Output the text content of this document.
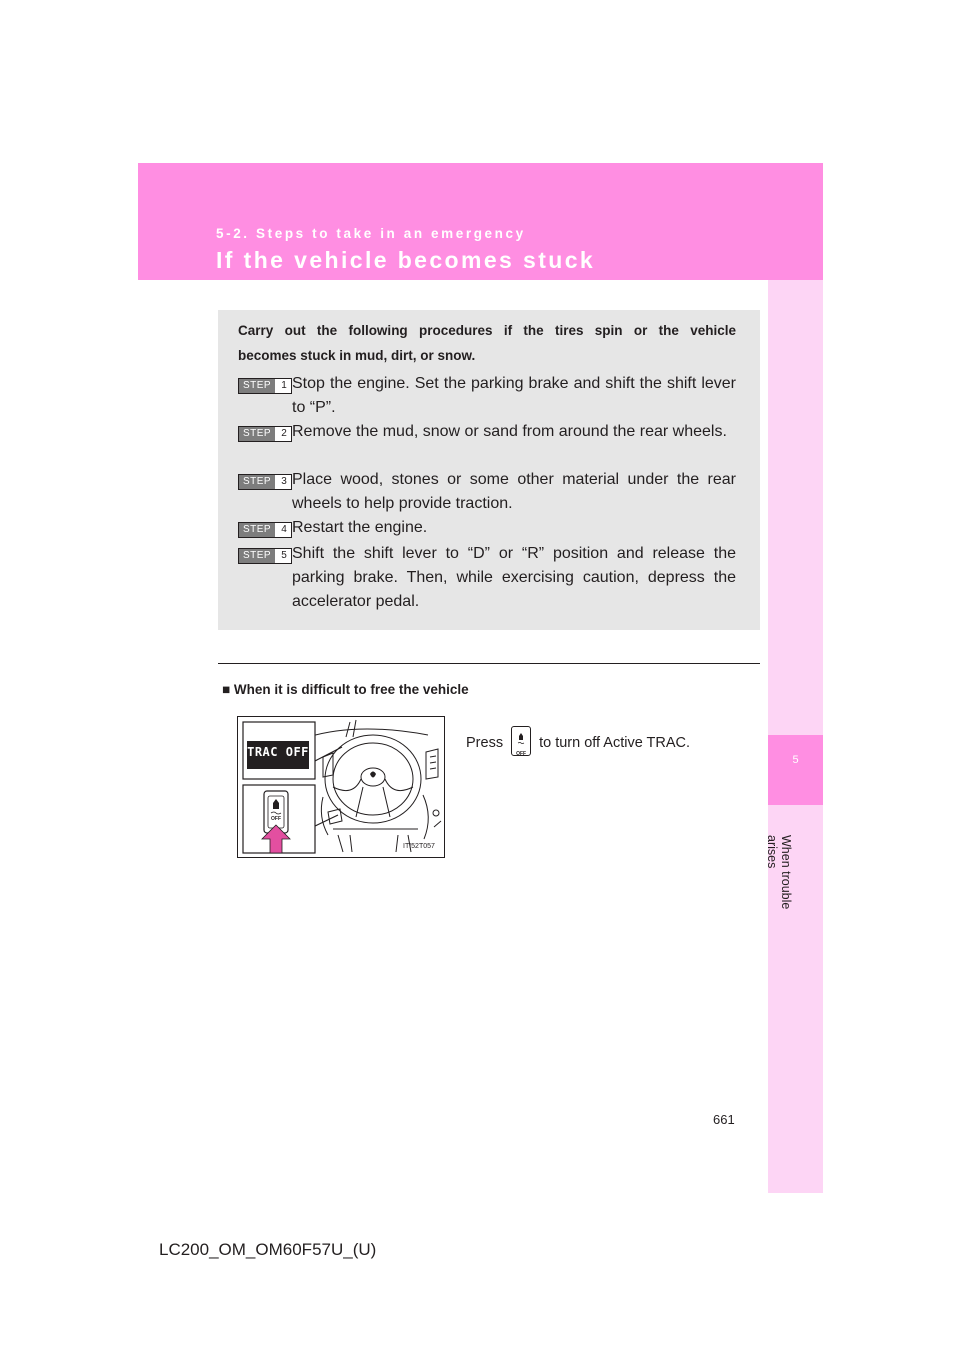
5-2. Steps to take in an emergency
If the vehicle becomes stuck
5
When trouble arises
Carry out the following procedures if the tires spin or the vehicle
becomes stuck in mud, dirt, or snow.
STEP	1 Stop the engine. Set the parking brake and shift the shift lever to “P”.
STEP	2 Remove the mud, snow or sand from around the rear wheels.
STEP	3 Place wood, stones or some other material under the rear wheels to help provide traction.
STEP	4 Restart the engine.
STEP	5 Shift the shift lever to “D” or “R” position and release the parking brake. Then, while exercising caution, depress the accelerator pedal.
■ When it is difficult to free the vehicle
TRAC OFF
OFF
ITI52T057
Press
OFF
to turn off Active TRAC.
661
LC200_OM_OM60F57U_(U)
